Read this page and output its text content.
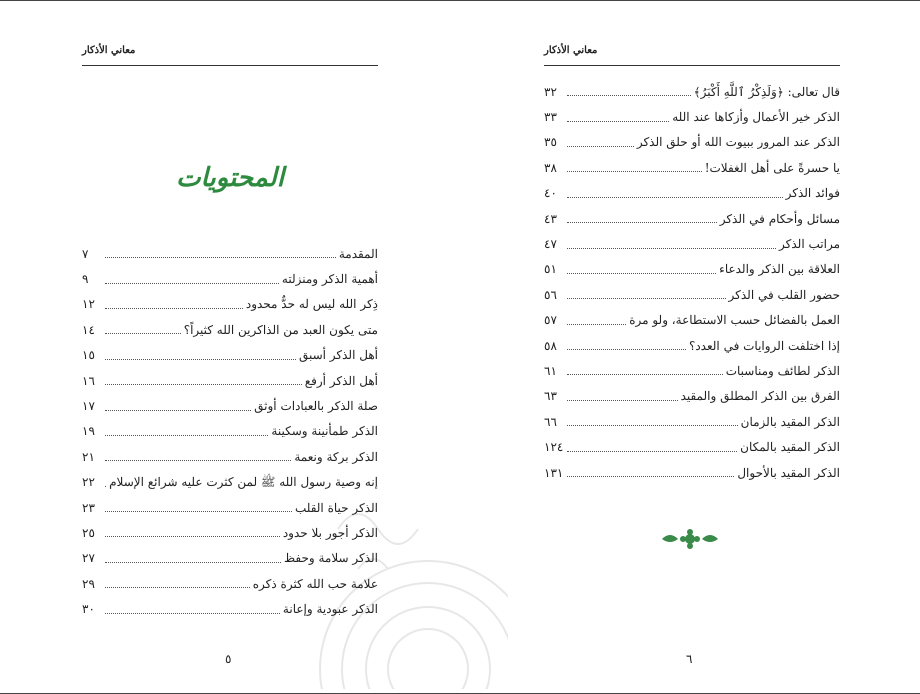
معاني الأذكار
المحتويات
المقدمة
٧
أهمية الذكر ومنزلته
٩
ذِكر الله ليس له حدٌّ محدود
١٢
متى يكون العبد من الذاكرين الله كثيراً؟
١٤
أهل الذكر أسبق
١٥
أهل الذكر أرفع
١٦
صلة الذكر بالعبادات أوثق
١٧
الذكر طمأنينة وسكينة
١٩
الذكر بركة ونعمة
٢١
إنه وصية رسول الله ﷺ لمن كثرت عليه شرائع الإسلام
٢٢
الذكر حياة القلب
٢٣
الذكر أجور بلا حدود
٢٥
الذكر سلامة وحفظ
٢٧
علامة حب الله كثرة ذكره
٢٩
الذكر عبودية وإعانة
٣٠
٥
معاني الأذكار
قال تعالى: ﴿وَلَذِكْرُ ٱللَّهِ أَكْبَرُ﴾
٣٢
الذكر خير الأعمال وأزكاها عند الله
٣٣
الذكر عند المرور ببيوت الله أو حلق الذكر
٣٥
يا حسرةً على أهل الغفلات!
٣٨
فوائد الذكر
٤٠
مسائل وأحكام في الذكر
٤٣
مراتب الذكر
٤٧
العلاقة بين الذكر والدعاء
٥١
حضور القلب في الذكر
٥٦
العمل بالفضائل حسب الاستطاعة، ولو مرة
٥٧
إذا اختلفت الروايات في العدد؟
٥٨
الذكر لطائف ومناسبات
٦١
الفرق بين الذكر المطلق والمقيد
٦٣
الذكر المقيد بالزمان
٦٦
الذكر المقيد بالمكان
١٢٤
الذكر المقيد بالأحوال
١٣١
٦
